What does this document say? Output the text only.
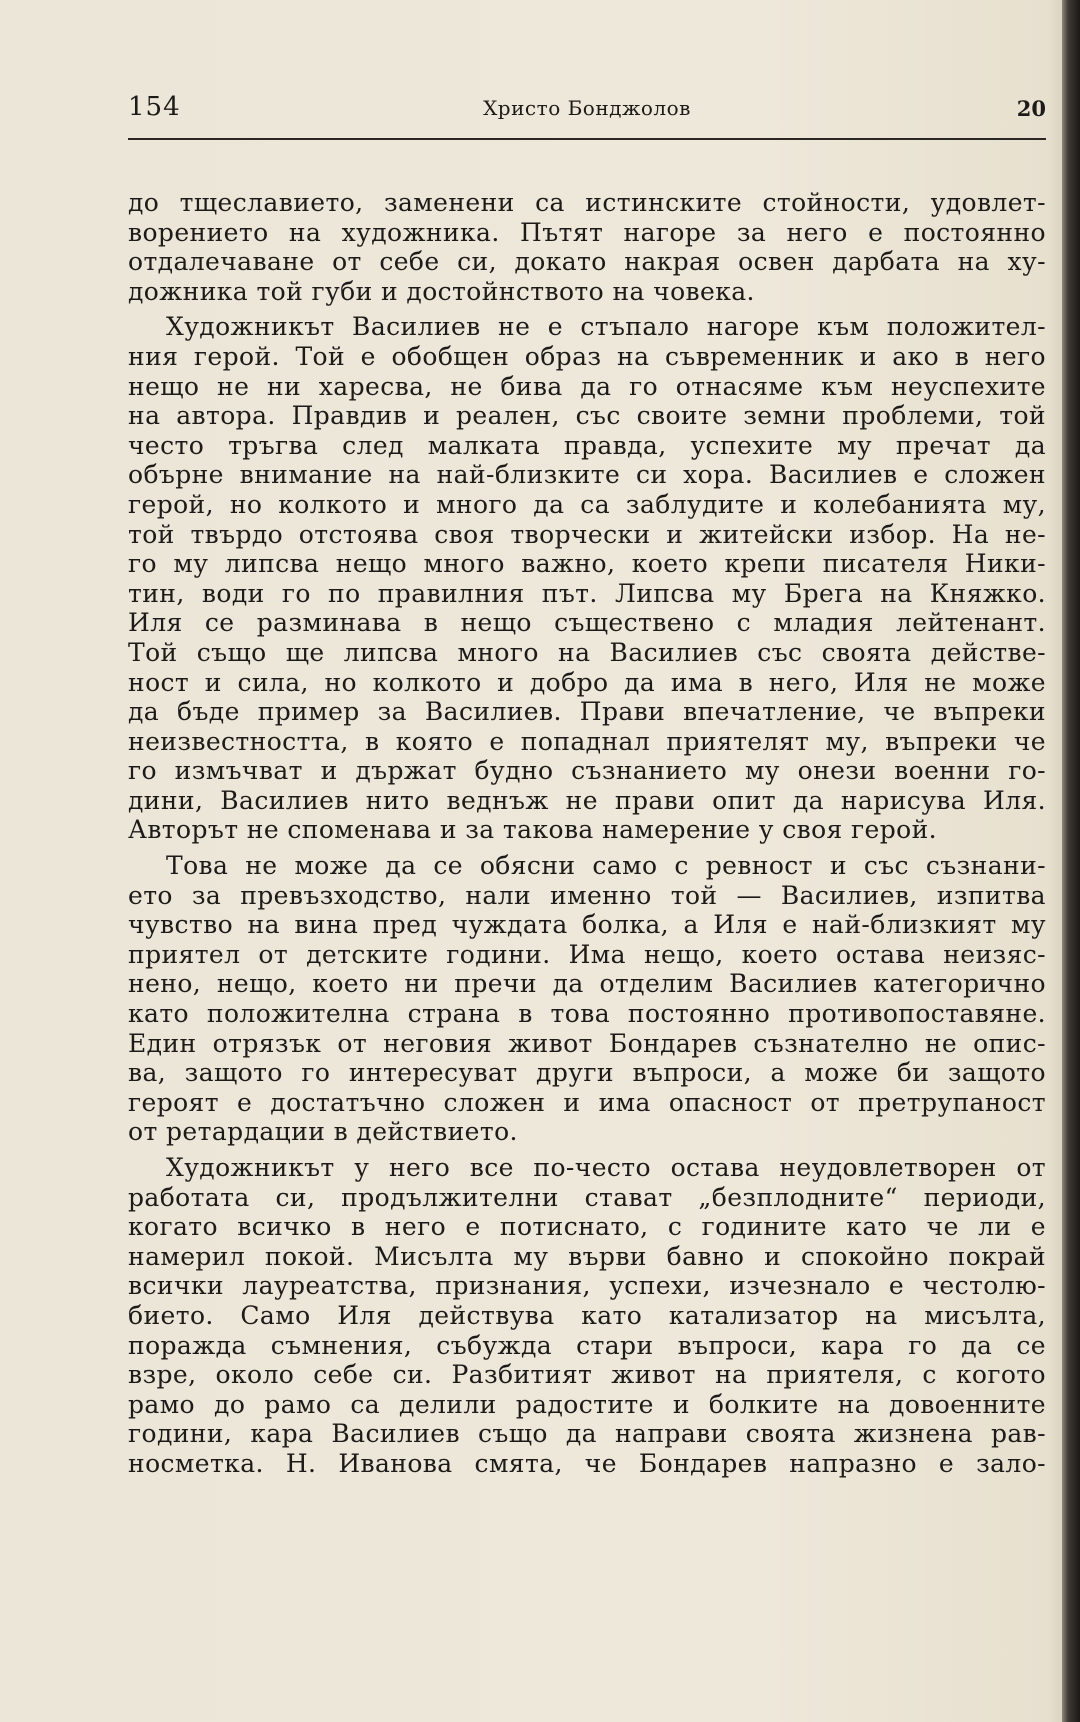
154	Христо Бонджолов	20
до тщеславието, заменени са истинските стойности, удовлет-
ворението на художника. Пътят нагоре за него е постоянно
отдалечаване от себе си, докато накрая освен дарбата на ху-
дожника той губи и достойнството на човека.
Художникът Василиев не е стъпало нагоре към положител-
ния герой. Той е обобщен образ на съвременник и ако в него
нещо не ни харесва, не бива да го отнасяме към неуспехите
на автора. Правдив и реален, със своите земни проблеми, той
често тръгва след малката правда, успехите му пречат да
обърне внимание на най-близките си хора. Василиев е сложен
герой, но колкото и много да са заблудите и колебанията му,
той твърдо отстоява своя творчески и житейски избор. На не-
го му липсва нещо много важно, което крепи писателя Ники-
тин, води го по правилния път. Липсва му Брега на Княжко.
Иля се разминава в нещо съществено с младия лейтенант.
Той също ще липсва много на Василиев със своята действе-
ност и сила, но колкото и добро да има в него, Иля не може
да бъде пример за Василиев. Прави впечатление, че въпреки
неизвестността, в която е попаднал приятелят му, въпреки че
го измъчват и държат будно съзнанието му онези военни го-
дини, Василиев нито веднъж не прави опит да нарисува Иля.
Авторът не споменава и за такова намерение у своя герой.
Това не може да се обясни само с ревност и със съзнани-
ето за превъзходство, нали именно той — Василиев, изпитва
чувство на вина пред чуждата болка, а Иля е най-близкият му
приятел от детските години. Има нещо, което остава неизяс-
нено, нещо, което ни пречи да отделим Василиев категорично
като положителна страна в това постоянно противопоставяне.
Един отрязък от неговия живот Бондарев съзнателно не опис-
ва, защото го интересуват други въпроси, а може би защото
героят е достатъчно сложен и има опасност от претрупаност
от ретардации в действието.
Художникът у него все по-често остава неудовлетворен от
работата си, продължителни стават „безплодните“ периоди,
когато всичко в него е потиснато, с годините като че ли е
намерил покой. Мисълта му върви бавно и спокойно покрай
всички лауреатства, признания, успехи, изчезнало е честолю-
бието. Само Иля действува като катализатор на мисълта,
поражда съмнения, събужда стари въпроси, кара го да се
взре, около себе си. Разбитият живот на приятеля, с когото
рамо до рамо са делили радостите и болките на довоенните
години, кара Василиев също да направи своята жизнена рав-
носметка. Н. Иванова смята, че Бондарев напразно е зало-
